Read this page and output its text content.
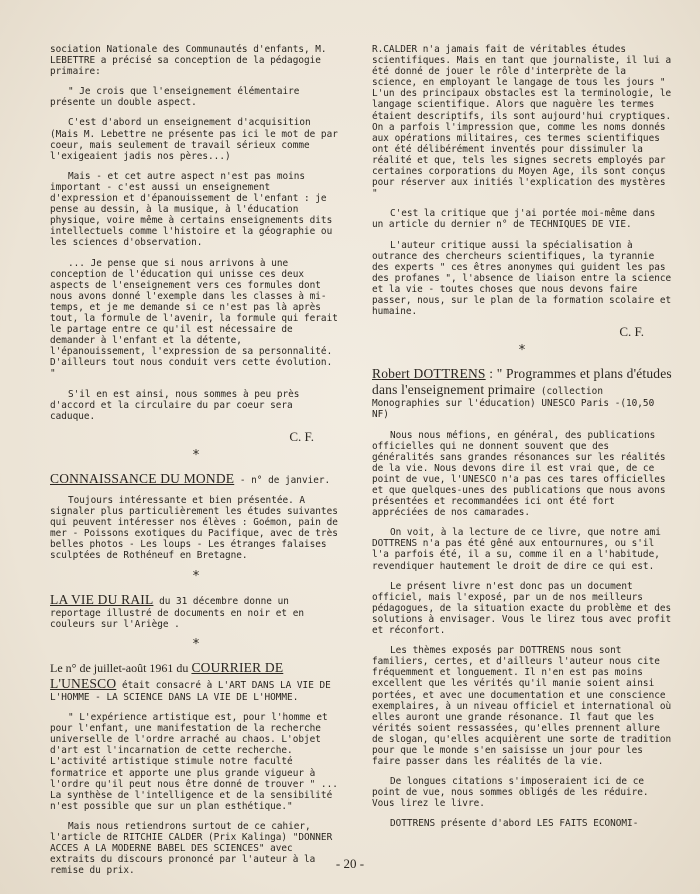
sociation Nationale des Communautés d'enfants, M. LEBETTRE a précisé sa conception de la pédagogie primaire:

" Je crois que l'enseignement élémentaire présente un double aspect.

C'est d'abord un enseignement d'acquisition (Mais M. Lebettre ne présente pas ici le mot de par coeur, mais seulement de travail sérieux comme l'exigeaient jadis nos pères...)

Mais - et cet autre aspect n'est pas moins important - c'est aussi un enseignement d'expression et d'épanouissement de l'enfant : je pense au dessin, à la musique, à l'éducation physique, voire même à certains enseignements dits intellectuels comme l'histoire et la géographie ou les sciences d'observation.

... Je pense que si nous arrivons à une conception de l'éducation qui unisse ces deux aspects de l'enseignement vers ces formules dont nous avons donné l'exemple dans les classes à mi-temps, et je me demande si ce n'est pas là après tout, la formule de l'avenir, la formule qui ferait le partage entre ce qu'il est nécessaire de demander à l'enfant et la détente, l'épanouissement, l'expression de sa personnalité. D'ailleurs tout nous conduit vers cette évolution. "

S'il en est ainsi, nous sommes à peu près d'accord et la circulaire du par coeur sera caduque.

C. F.
*
CONNAISSANCE DU MONDE - n° de janvier.

Toujours intéressante et bien présentée. A signaler plus particulièrement les études suivantes qui peuvent intéresser nos élèves : Goémon, pain de mer - Poissons exotiques du Pacifique, avec de très belles photos - Les loups - Les étranges falaises sculptées de Rothéneuf en Bretagne.

*

LA VIE DU RAIL du 31 décembre donne un reportage illustré de documents en noir et en couleurs sur l'Ariège .

*

Le n° de juillet-août 1961 du COURRIER DE L'UNESCO était consacré à L'ART DANS LA VIE DE L'HOMME - LA SCIENCE DANS LA VIE DE L'HOMME.

" L'expérience artistique est, pour l'homme et pour l'enfant, une manifestation de la recherche universelle de l'ordre arraché au chaos. L'objet d'art est l'incarnation de cette recherche. L'activité artistique stimule notre faculté formatrice et apporte une plus grande vigueur à l'ordre qu'il peut nous être donné de trouver " ... La synthèse de l'intelligence et de la sensibilité n'est possible que sur un plan esthétique."

Mais nous retiendrons surtout de ce cahier, l'article de RITCHIE CALDER (Prix Kalinga) "DONNER ACCES A LA MODERNE BABEL DES SCIENCES" avec extraits du discours prononcé par l'auteur à la remise du prix.

R.CALDER n'a jamais fait de véritables études scientifiques. Mais en tant que journaliste, il lui a été donné de jouer le rôle d'interprète de la science, en employant le langage de tous les jours " L'un des principaux obstacles est la terminologie, le langage scientifique. Alors que naguère les termes étaient descriptifs, ils sont aujourd'hui cryptiques. On a parfois l'impression que, comme les noms donnés aux opérations militaires, ces termes scientifiques ont été délibérément inventés pour dissimuler la réalité et que, tels les signes secrets employés par certaines corporations du Moyen Age, ils sont conçus pour réserver aux initiés l'explication des mystères "

C'est la critique que j'ai portée moi-même dans un article du dernier n° de TECHNIQUES DE VIE.

L'auteur critique aussi la spécialisation à outrance des chercheurs scientifiques, la tyrannie des experts " ces êtres anonymes qui guident les pas des profanes ", l'absence de liaison entre la science et la vie - toutes choses que nous devons faire passer, nous, sur le plan de la formation scolaire et humaine.

C. F.
*

Robert DOTTRENS : " Programmes et plans d'études dans l'enseignement primaire (collection Monographies sur l'éducation) UNESCO Paris -(10,50 NF)

Nous nous méfions, en général, des publications officielles qui ne donnent souvent que des généralités sans grandes résonances sur les réalités de la vie. Nous devons dire il est vrai que, de ce point de vue, l'UNESCO n'a pas ces tares officielles et que quelques-unes des publications que nous avons présentées et recommandées ici ont été fort appréciées de nos camarades.

On voit, à la lecture de ce livre, que notre ami DOTTRENS n'a pas été gêné aux entournures, ou s'il l'a parfois été, il a su, comme il en a l'habitude, revendiquer hautement le droit de dire ce qui est.

Le présent livre n'est donc pas un document officiel, mais l'exposé, par un de nos meilleurs pédagogues, de la situation exacte du problème et des solutions à envisager. Vous le lirez tous avec profit et réconfort.

Les thèmes exposés par DOTTRENS nous sont familiers, certes, et d'ailleurs l'auteur nous cite fréquemment et longuement. Il n'en est pas moins excellent que les vérités qu'il manie soient ainsi portées, et avec une documentation et une conscience exemplaires, à un niveau officiel et international où elles auront une grande résonance. Il faut que les vérités soient ressassées, qu'elles prennent allure de slogan, qu'elles acquièrent une sorte de tradition pour que le monde s'en saisisse un jour pour les faire passer dans les réalités de la vie.

De longues citations s'imposeraient ici de ce point de vue, nous sommes obligés de les réduire. Vous lirez le livre.

DOTTRENS présente d'abord LES FAITS ECONOMI-

- 20 -
